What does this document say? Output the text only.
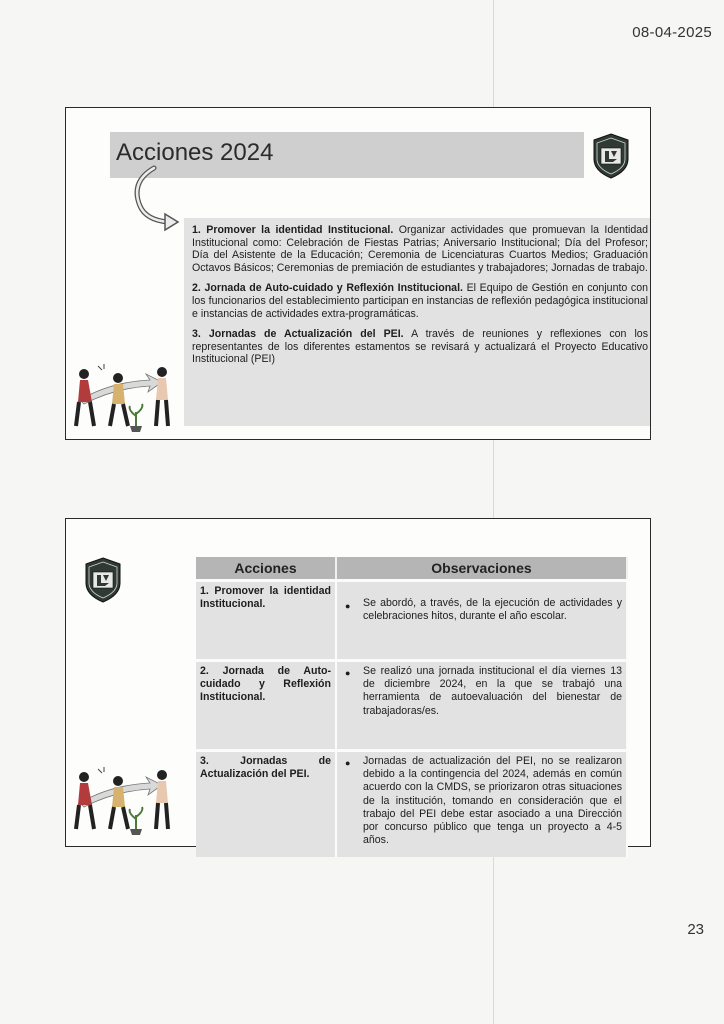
08-04-2025
Acciones 2024

1. Promover la identidad Institucional. Organizar actividades que promuevan la Identidad Institucional como: Celebración de Fiestas Patrias; Aniversario Institucional; Día del Profesor; Día del Asistente de la Educación; Ceremonia de Licenciaturas Cuartos Medios; Graduación Octavos Básicos; Ceremonias de premiación de estudiantes y trabajadores; Jornadas de trabajo.

2. Jornada de Auto-cuidado y Reflexión Institucional. El Equipo de Gestión en conjunto con los funcionarios del establecimiento participan en instancias de reflexión pedagógica institucional e instancias de actividades extra-programáticas.

3. Jornadas de Actualización del PEI. A través de reuniones y reflexiones con los representantes de los diferentes estamentos se revisará y actualizará el Proyecto Educativo Institucional (PEI)

Acciones	Observaciones
1. Promover la identidad Institucional.	● Se abordó, a través, de la ejecución de actividades y celebraciones hitos, durante el año escolar.

2. Jornada de Auto-cuidado y Reflexión Institucional.	● Se realizó una jornada institucional el día viernes 13 de diciembre 2024, en la que se trabajó una herramienta de autoevaluación del bienestar de trabajadoras/es.
3. Jornadas de Actualización del PEI.	● Jornadas de actualización del PEI, no se realizaron debido a la contingencia del 2024, además en común acuerdo con la CMDS, se priorizaron otras situaciones de la institución, tomando en consideración que el trabajo del PEI debe estar asociado a una Dirección por concurso público que tenga un proyecto a 4-5 años.
23
